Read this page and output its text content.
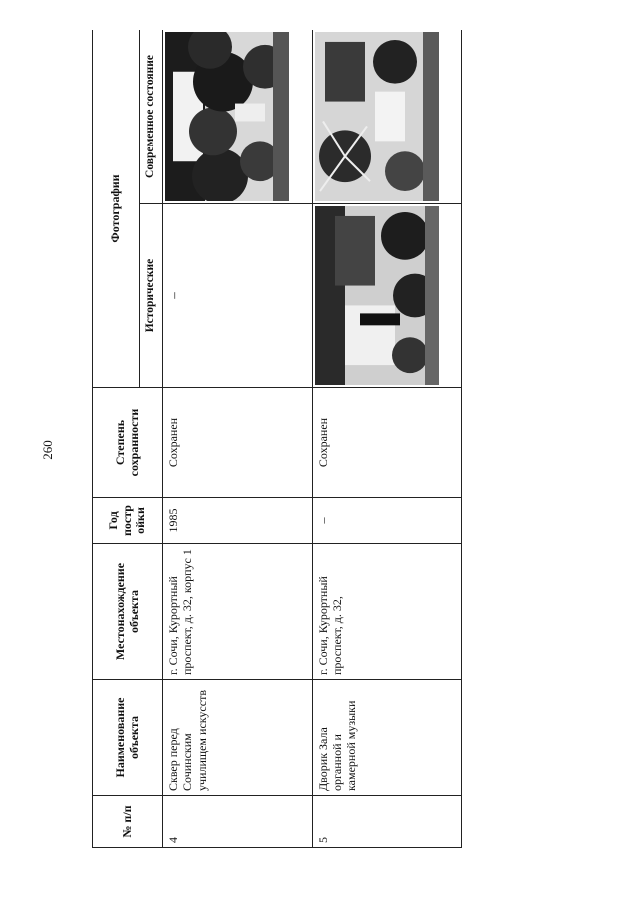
260
№ п/п	Наименование объекта	Местонахождение объекта	Год постр ойки	Степень сохранности	Фотографии	
					Исторические	Современное состояние
4	Сквер перед Сочинским училищем искусств	г. Сочи, Курортный проспект, д. 32, корпус 1	1985	Сохранен	–	

5	Дворик Зала органной и камерной музыки	г. Сочи, Курортный проспект, д. 32,	–	Сохранен	
